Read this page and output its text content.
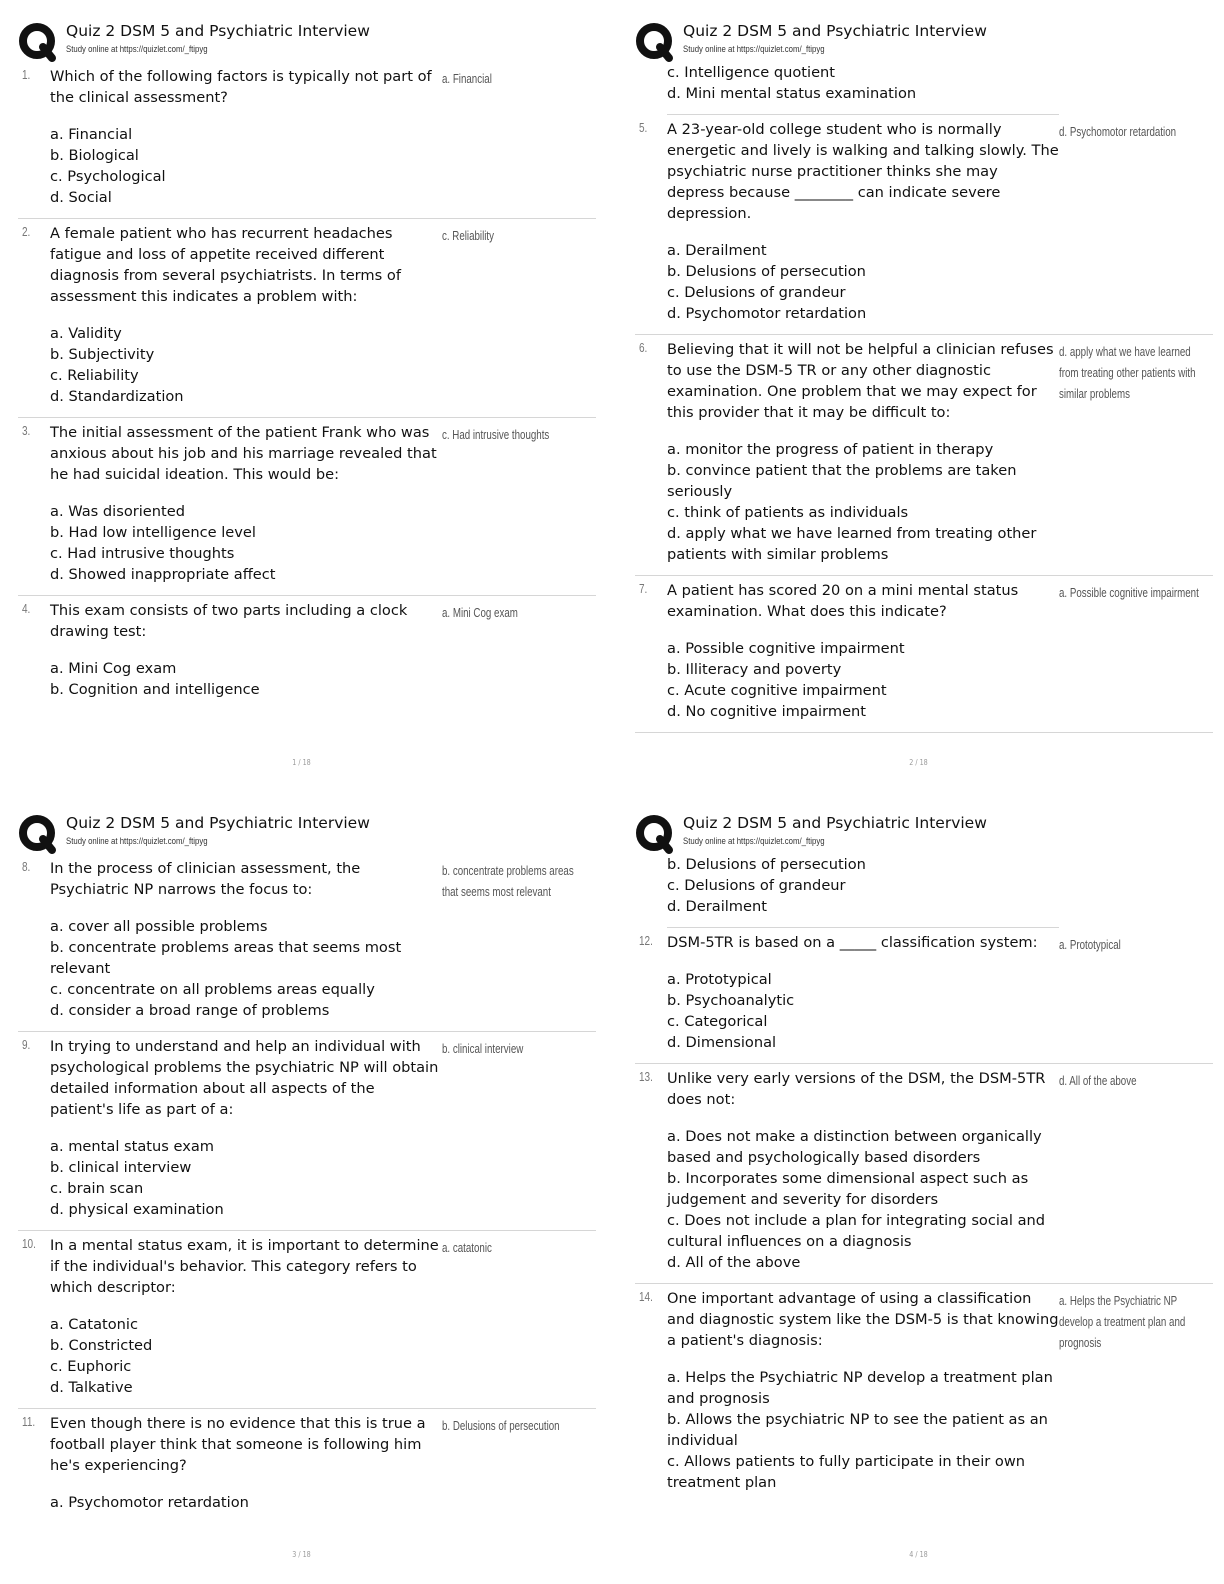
Quiz 2 DSM 5 and Psychiatric Interview
Study online at https://quizlet.com/_ftipyg
1. Which of the following factors is typically not part of the clinical assessment?
a. Financial
a. Financial
b. Biological
c. Psychological
d. Social
2. A female patient who has recurrent headaches fatigue and loss of appetite received different diagnosis from several psychiatrists. In terms of assessment this indicates a problem with:
c. Reliability
a. Validity
b. Subjectivity
c. Reliability
d. Standardization
3. The initial assessment of the patient Frank who was anxious about his job and his marriage revealed that he had suicidal ideation. This would be:
c. Had intrusive thoughts
a. Was disoriented
b. Had low intelligence level
c. Had intrusive thoughts
d. Showed inappropriate affect
4. This exam consists of two parts including a clock drawing test:
a. Mini Cog exam
a. Mini Cog exam
b. Cognition and intelligence
1 / 18
Quiz 2 DSM 5 and Psychiatric Interview
Study online at https://quizlet.com/_ftipyg
c. Intelligence quotient
d. Mini mental status examination
5. A 23-year-old college student who is normally energetic and lively is walking and talking slowly. The psychiatric nurse practitioner thinks she may depress because ________ can indicate severe depression.
d. Psychomotor retardation
a. Derailment
b. Delusions of persecution
c. Delusions of grandeur
d. Psychomotor retardation
6. Believing that it will not be helpful a clinician refuses to use the DSM-5 TR or any other diagnostic examination. One problem that we may expect for this provider that it may be difficult to:
d. apply what we have learned from treating other patients with similar problems
a. monitor the progress of patient in therapy
b. convince patient that the problems are taken seriously
c. think of patients as individuals
d. apply what we have learned from treating other patients with similar problems
7. A patient has scored 20 on a mini mental status examination. What does this indicate?
a. Possible cognitive impairment
a. Possible cognitive impairment
b. Illiteracy and poverty
c. Acute cognitive impairment
d. No cognitive impairment
2 / 18
Quiz 2 DSM 5 and Psychiatric Interview
Study online at https://quizlet.com/_ftipyg
8. In the process of clinician assessment, the Psychiatric NP narrows the focus to:
b. concentrate problems areas that seems most relevant
a. cover all possible problems
b. concentrate problems areas that seems most relevant
c. concentrate on all problems areas equally
d. consider a broad range of problems
9. In trying to understand and help an individual with psychological problems the psychiatric NP will obtain detailed information about all aspects of the patient's life as part of a:
b. clinical interview
a. mental status exam
b. clinical interview
c. brain scan
d. physical examination
10. In a mental status exam, it is important to determine if the individual's behavior. This category refers to which descriptor:
a. catatonic
a. Catatonic
b. Constricted
c. Euphoric
d. Talkative
11. Even though there is no evidence that this is true a football player think that someone is following him he's experiencing?
b. Delusions of persecution
a. Psychomotor retardation
3 / 18
Quiz 2 DSM 5 and Psychiatric Interview
Study online at https://quizlet.com/_ftipyg
b. Delusions of persecution
c. Delusions of grandeur
d. Derailment
12. DSM-5TR is based on a _____ classification system:	a. Prototypical
a. Prototypical
b. Psychoanalytic
c. Categorical
d. Dimensional
13. Unlike very early versions of the DSM, the DSM-5TR does not:
d. All of the above
a. Does not make a distinction between organically based and psychologically based disorders
b. Incorporates some dimensional aspect such as judgement and severity for disorders
c. Does not include a plan for integrating social and cultural influences on a diagnosis
d. All of the above
14. One important advantage of using a classification and diagnostic system like the DSM-5 is that knowing a patient's diagnosis:
a. Helps the Psychiatric NP develop a treatment plan and prognosis
a. Helps the Psychiatric NP develop a treatment plan and prognosis
b. Allows the psychiatric NP to see the patient as an individual
c. Allows patients to fully participate in their own treatment plan
4 / 18
